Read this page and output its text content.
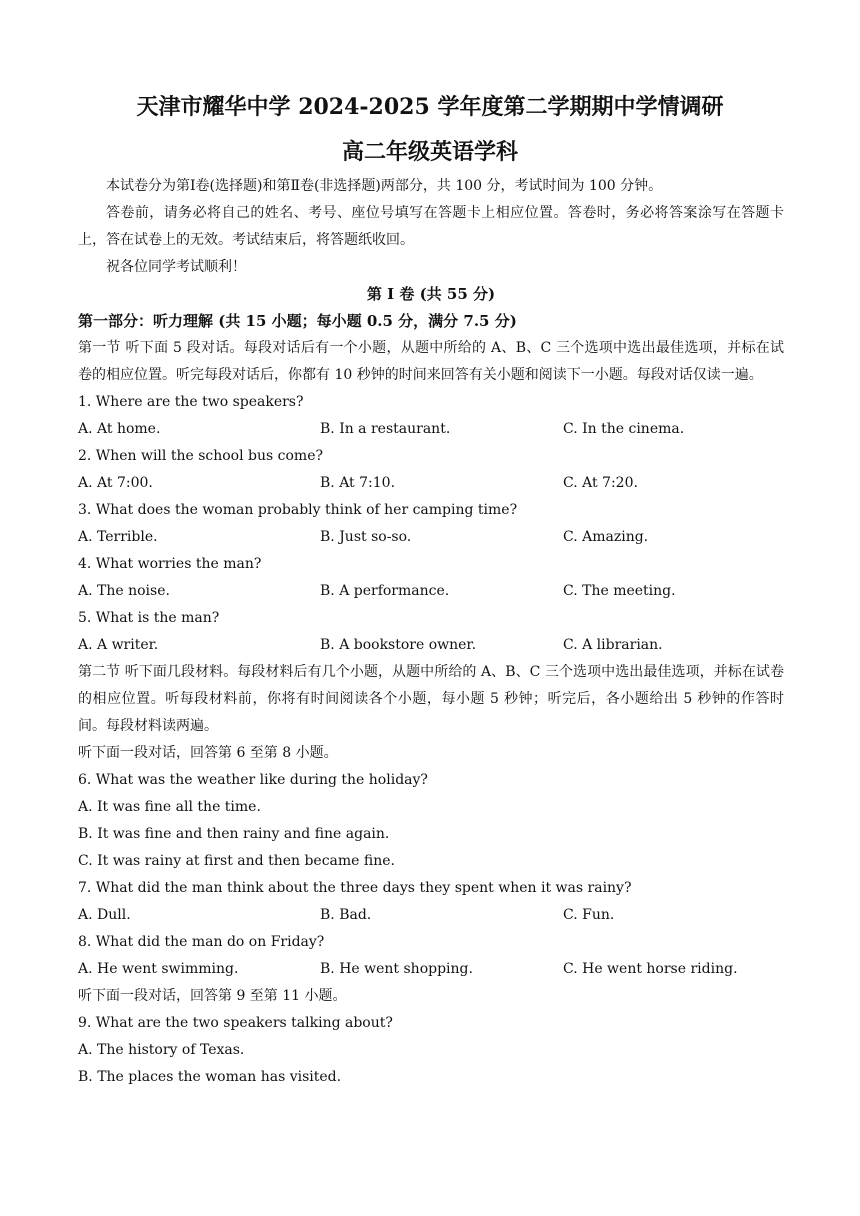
天津市耀华中学 2024-2025 学年度第二学期期中学情调研
高二年级英语学科
本试卷分为第Ⅰ卷(选择题)和第Ⅱ卷(非选择题)两部分，共 100 分，考试时间为 100 分钟。
答卷前，请务必将自己的姓名、考号、座位号填写在答题卡上相应位置。答卷时，务必将答案涂写在答题卡上，答在试卷上的无效。考试结束后，将答题纸收回。
祝各位同学考试顺利！
第 Ⅰ 卷 (共 55 分)
第一部分：听力理解 (共 15 小题；每小题 0.5 分，满分 7.5 分)
第一节 听下面 5 段对话。每段对话后有一个小题，从题中所给的 A、B、C 三个选项中选出最佳选项，并标在试卷的相应位置。听完每段对话后，你都有 10 秒钟的时间来回答有关小题和阅读下一小题。每段对话仅读一遍。
1. Where are the two speakers?
A. At home.	B. In a restaurant.	C. In the cinema.
2. When will the school bus come?
A. At 7:00.	B. At 7:10.	C. At 7:20.
3. What does the woman probably think of her camping time?
A. Terrible.	B. Just so-so.	C. Amazing.
4. What worries the man?
A. The noise.	B. A performance.	C. The meeting.
5. What is the man?
A. A writer.	B. A bookstore owner.	C. A librarian.
第二节 听下面几段材料。每段材料后有几个小题，从题中所给的 A、B、C 三个选项中选出最佳选项，并标在试卷的相应位置。听每段材料前，你将有时间阅读各个小题，每小题 5 秒钟；听完后，各小题给出 5 秒钟的作答时间。每段材料读两遍。
听下面一段对话，回答第 6 至第 8 小题。
6. What was the weather like during the holiday?
A. It was fine all the time.
B. It was fine and then rainy and fine again.
C. It was rainy at first and then became fine.
7. What did the man think about the three days they spent when it was rainy?
A. Dull.	B. Bad.	C. Fun.
8. What did the man do on Friday?
A. He went swimming.	B. He went shopping.	C. He went horse riding.
听下面一段对话，回答第 9 至第 11 小题。
9. What are the two speakers talking about?
A. The history of Texas.
B. The places the woman has visited.
